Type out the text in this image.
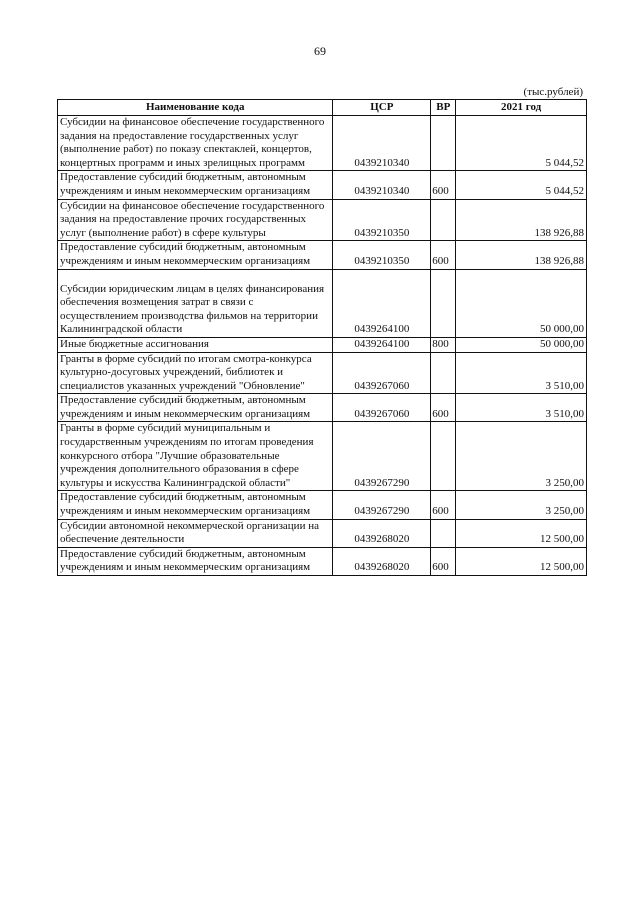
69
(тыс.рублей)
Наименование кода	ЦСР	ВР	2021 год
Субсидии на финансовое обеспечение государственного задания на предоставление государственных услуг (выполнение работ) по показу спектаклей, концертов, концертных программ и иных зрелищных программ	0439210340		5 044,52
Предоставление субсидий бюджетным, автономным учреждениям и иным некоммерческим организациям	0439210340	600	5 044,52
Субсидии на финансовое обеспечение государственного задания на предоставление прочих государственных услуг (выполнение работ) в сфере культуры	0439210350		138 926,88
Предоставление субсидий бюджетным, автономным учреждениям и иным некоммерческим организациям	0439210350	600	138 926,88
Субсидии юридическим лицам в целях финансирования обеспечения возмещения затрат в связи с осуществлением производства фильмов на территории Калининградской области	0439264100		50 000,00
Иные бюджетные ассигнования	0439264100	800	50 000,00
Гранты в форме субсидий по итогам смотра-конкурса культурно-досуговых учреждений, библиотек и специалистов указанных учреждений "Обновление"	0439267060		3 510,00
Предоставление субсидий бюджетным, автономным учреждениям и иным некоммерческим организациям	0439267060	600	3 510,00
Гранты в форме субсидий муниципальным и государственным учреждениям по итогам проведения конкурсного отбора "Лучшие образовательные учреждения дополнительного образования в сфере культуры и искусства Калининградской области"	0439267290		3 250,00
Предоставление субсидий бюджетным, автономным учреждениям и иным некоммерческим организациям	0439267290	600	3 250,00
Субсидии автономной некоммерческой организации на обеспечение деятельности	0439268020		12 500,00
Предоставление субсидий бюджетным, автономным учреждениям и иным некоммерческим организациям	0439268020	600	12 500,00
